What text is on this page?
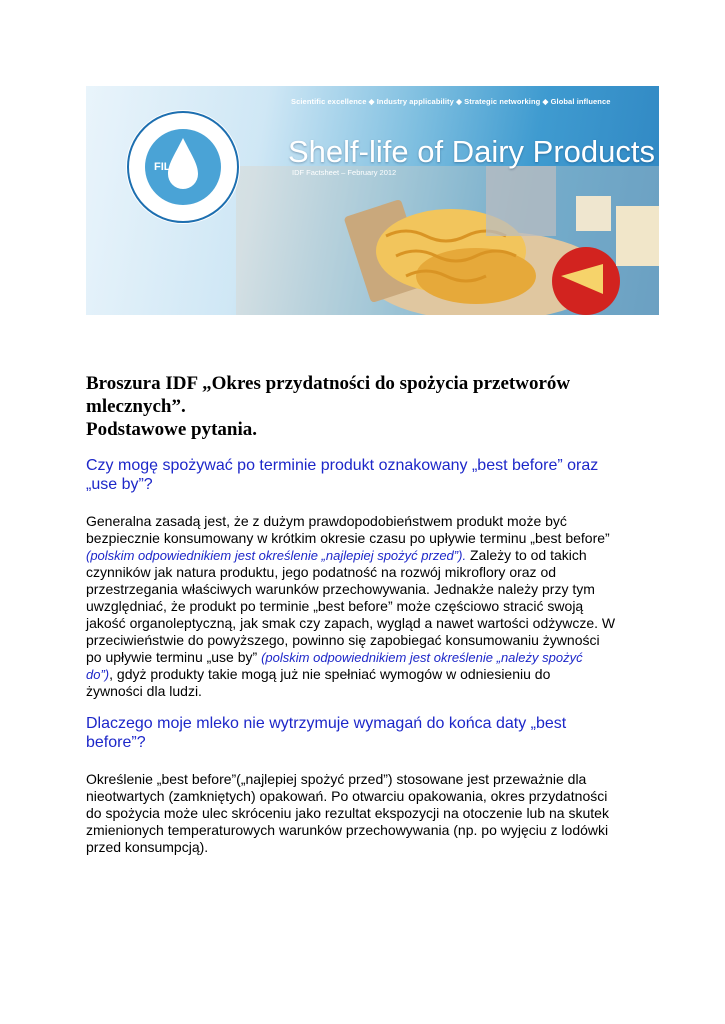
FIL IDF
Scientific excellence ◆ Industry applicability ◆ Strategic networking ◆ Global influence
Shelf-life of Dairy Products
IDF Factsheet – February 2012
Broszura IDF „Okres przydatności do spożycia przetworów
mlecznych”.
Podstawowe pytania.
Czy mogę spożywać po terminie produkt oznakowany „best before” oraz
„use by”?
Generalna zasadą jest, że z dużym prawdopodobieństwem produkt może być
bezpiecznie konsumowany w krótkim okresie czasu po upływie terminu „best before”
(polskim odpowiednikiem jest określenie „najlepiej spożyć przed”). Zależy to od takich
czynników jak natura produktu, jego podatność na rozwój mikroflory oraz od
przestrzegania właściwych warunków przechowywania. Jednakże należy przy tym
uwzględniać, że produkt po terminie „best before” może częściowo stracić swoją
jakość organoleptyczną, jak smak czy zapach, wygląd a nawet wartości odżywcze. W
przeciwieństwie do powyższego, powinno się zapobiegać konsumowaniu żywności
po upływie terminu „use by” (polskim odpowiednikiem jest określenie „należy spożyć
do”), gdyż produkty takie mogą już nie spełniać wymogów w odniesieniu do
żywności dla ludzi.
Dlaczego moje mleko nie wytrzymuje wymagań do końca daty „best
before”?
Określenie „best before”(„najlepiej spożyć przed”) stosowane jest przeważnie dla
nieotwartych (zamkniętych) opakowań. Po otwarciu opakowania, okres przydatności
do spożycia może ulec skróceniu jako rezultat ekspozycji na otoczenie lub na skutek
zmienionych temperaturowych warunków przechowywania (np. po wyjęciu z lodówki
przed konsumpcją).
